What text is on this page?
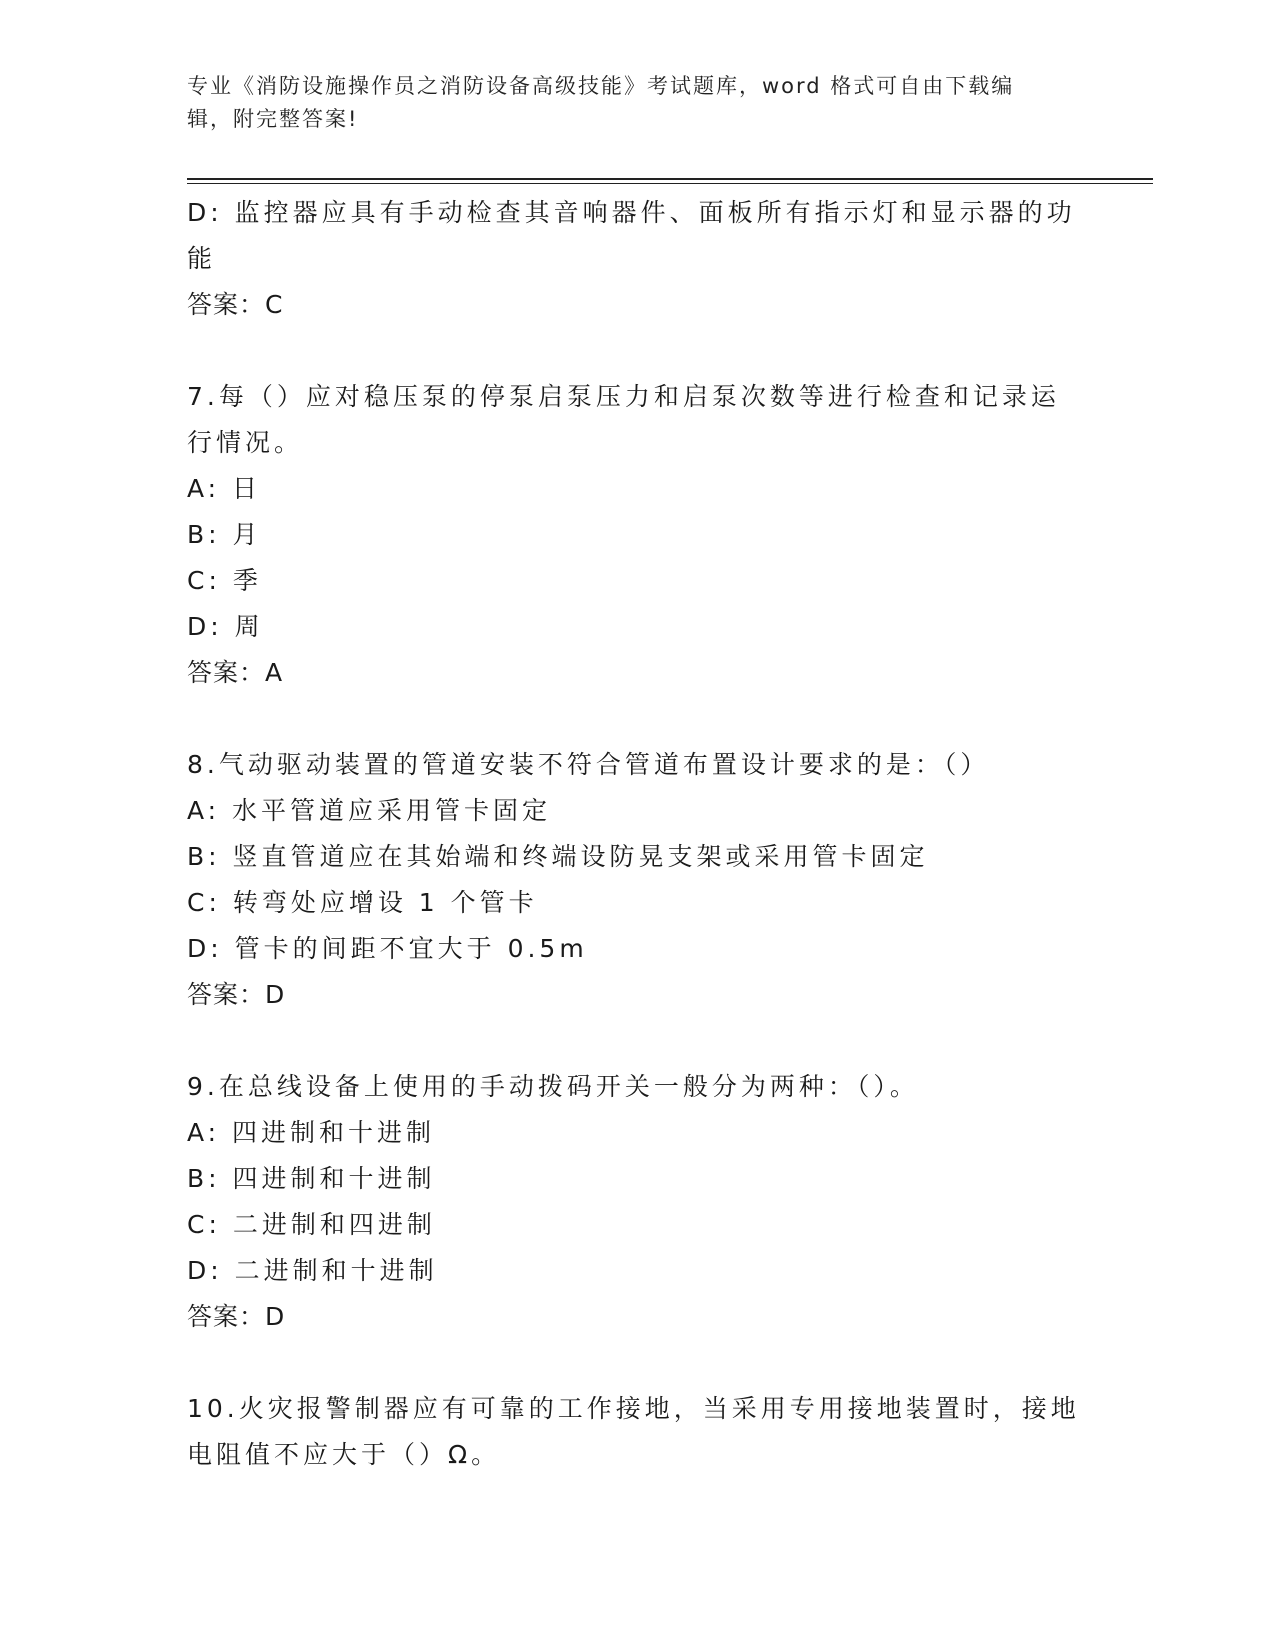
专业《消防设施操作员之消防设备高级技能》考试题库，word 格式可自由下载编
辑，附完整答案!
D: 监控器应具有手动检查其音响器件、面板所有指示灯和显示器的功
能
答案：C
7.每（）应对稳压泵的停泵启泵压力和启泵次数等进行检查和记录运
行情况。
A: 日
B: 月
C: 季
D: 周
答案：A
8.气动驱动装置的管道安装不符合管道布置设计要求的是：（）
A: 水平管道应采用管卡固定
B: 竖直管道应在其始端和终端设防晃支架或采用管卡固定
C: 转弯处应增设 1 个管卡
D: 管卡的间距不宜大于 0.5m
答案：D
9.在总线设备上使用的手动拨码开关一般分为两种：（）。
A: 四进制和十进制
B: 四进制和十进制
C: 二进制和四进制
D: 二进制和十进制
答案：D
10.火灾报警制器应有可靠的工作接地，当采用专用接地装置时，接地
电阻值不应大于（）Ω。
